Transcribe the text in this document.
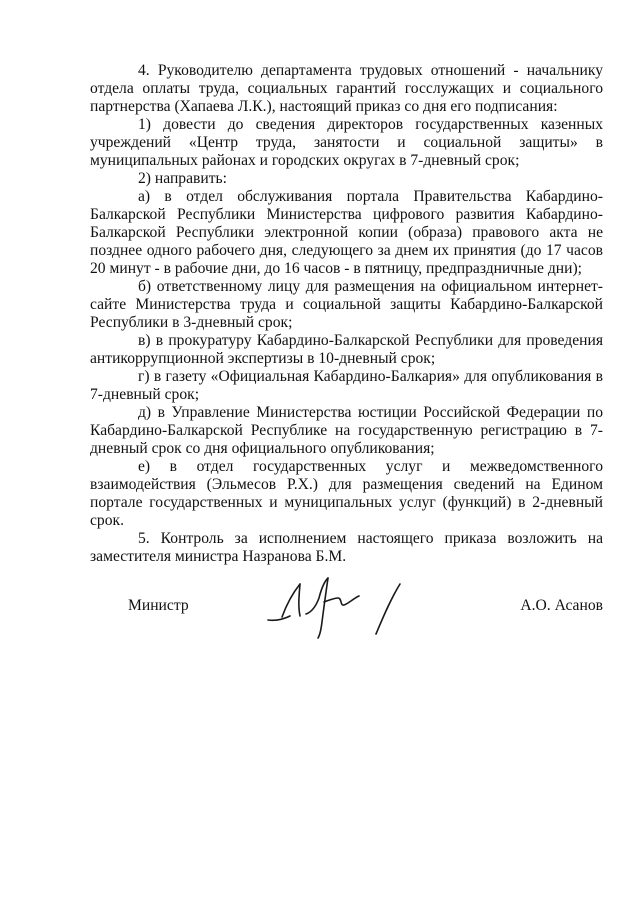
4. Руководителю департамента трудовых отношений - начальнику отдела оплаты труда, социальных гарантий госслужащих и социального партнерства (Хапаева Л.К.), настоящий приказ со дня его подписания:

1) довести до сведения директоров государственных казенных учреждений «Центр труда, занятости и социальной защиты» в муниципальных районах и городских округах в 7-дневный срок;

2) направить:

а) в отдел обслуживания портала Правительства Кабардино-Балкарской Республики Министерства цифрового развития Кабардино-Балкарской Республики электронной копии (образа) правового акта не позднее одного рабочего дня, следующего за днем их принятия (до 17 часов 20 минут - в рабочие дни, до 16 часов - в пятницу, предпраздничные дни);

б) ответственному лицу для размещения на официальном интернет-сайте Министерства труда и социальной защиты Кабардино-Балкарской Республики в 3-дневный срок;

в) в прокуратуру Кабардино-Балкарской Республики для проведения антикоррупционной экспертизы в 10-дневный срок;

г) в газету «Официальная Кабардино-Балкария» для опубликования в 7-дневный срок;

д) в Управление Министерства юстиции Российской Федерации по Кабардино-Балкарской Республике на государственную регистрацию в 7-дневный срок со дня официального опубликования;

е) в отдел государственных услуг и межведомственного взаимодействия (Эльмесов Р.Х.) для размещения сведений на Едином портале государственных и муниципальных услуг (функций) в 2-дневный срок.

5. Контроль за исполнением настоящего приказа возложить на заместителя министра Назранова Б.М.

Министр	А.О. Асанов
